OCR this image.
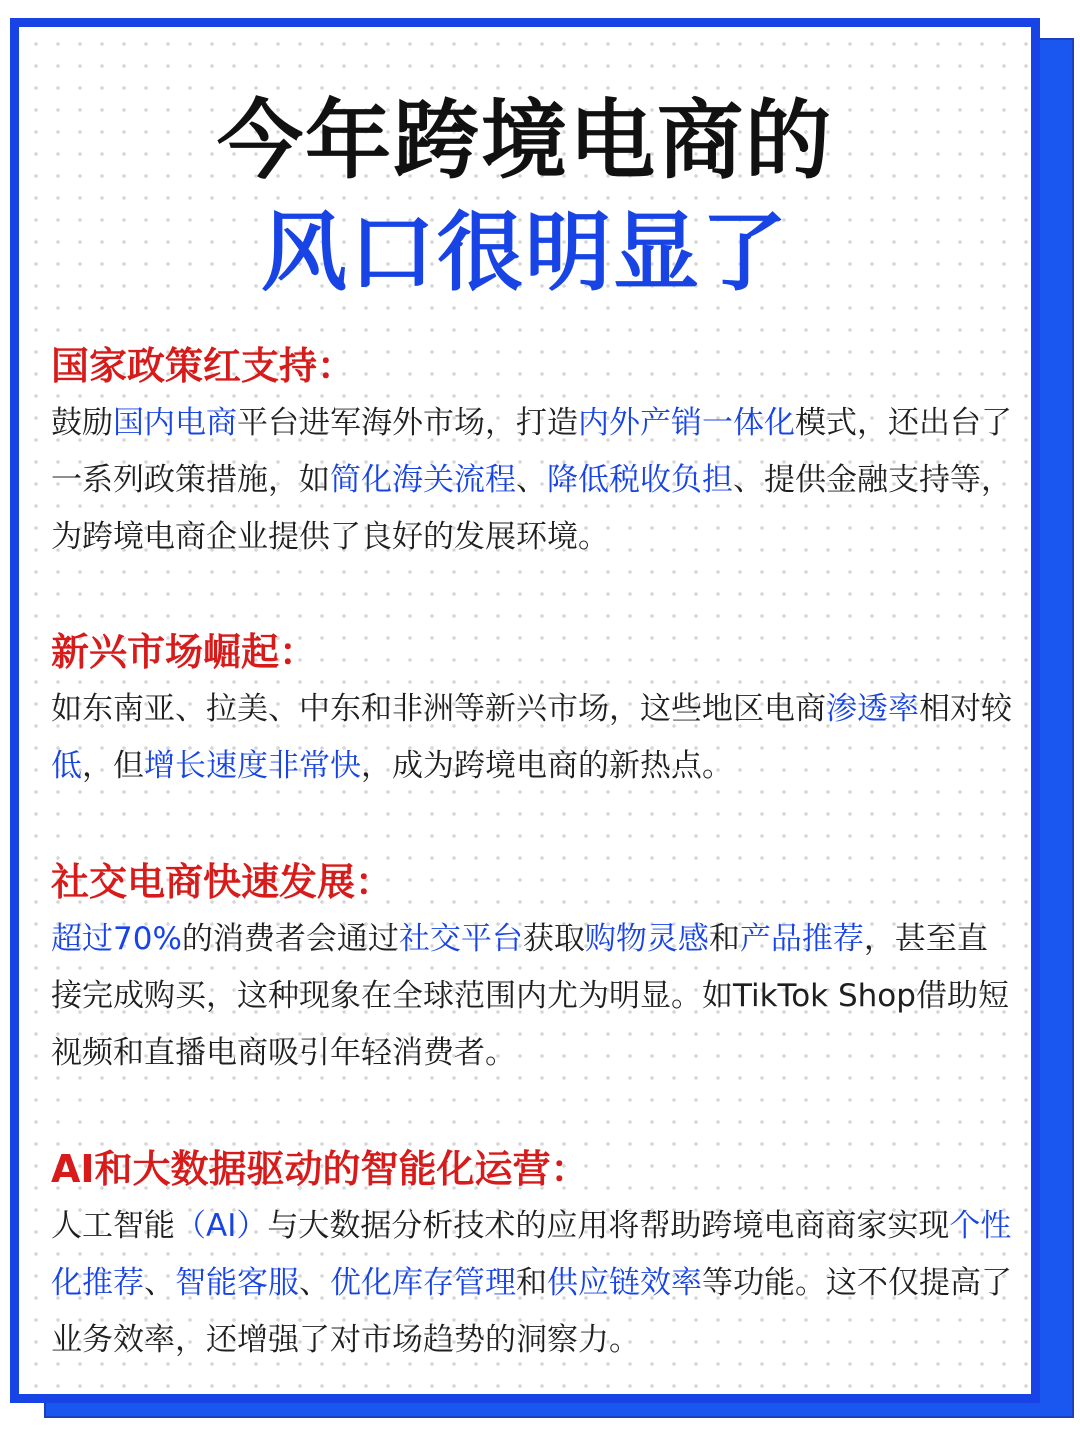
今年跨境电商的
风口很明显了
国家政策红支持：

鼓励国内电商平台进军海外市场，打造内外产销一体化模式，还出台了一系列政策措施，如简化海关流程、降低税收负担、提供金融支持等，为跨境电商企业提供了良好的发展环境。

新兴市场崛起：

如东南亚、拉美、中东和非洲等新兴市场，这些地区电商渗透率相对较低，但增长速度非常快，成为跨境电商的新热点。

社交电商快速发展：

超过70%的消费者会通过社交平台获取购物灵感和产品推荐，甚至直接完成购买，这种现象在全球范围内尤为明显。如TikTok Shop借助短视频和直播电商吸引年轻消费者。

AI和大数据驱动的智能化运营：

人工智能（AI）与大数据分析技术的应用将帮助跨境电商商家实现个性化推荐、智能客服、优化库存管理和供应链效率等功能。这不仅提高了业务效率，还增强了对市场趋势的洞察力。
